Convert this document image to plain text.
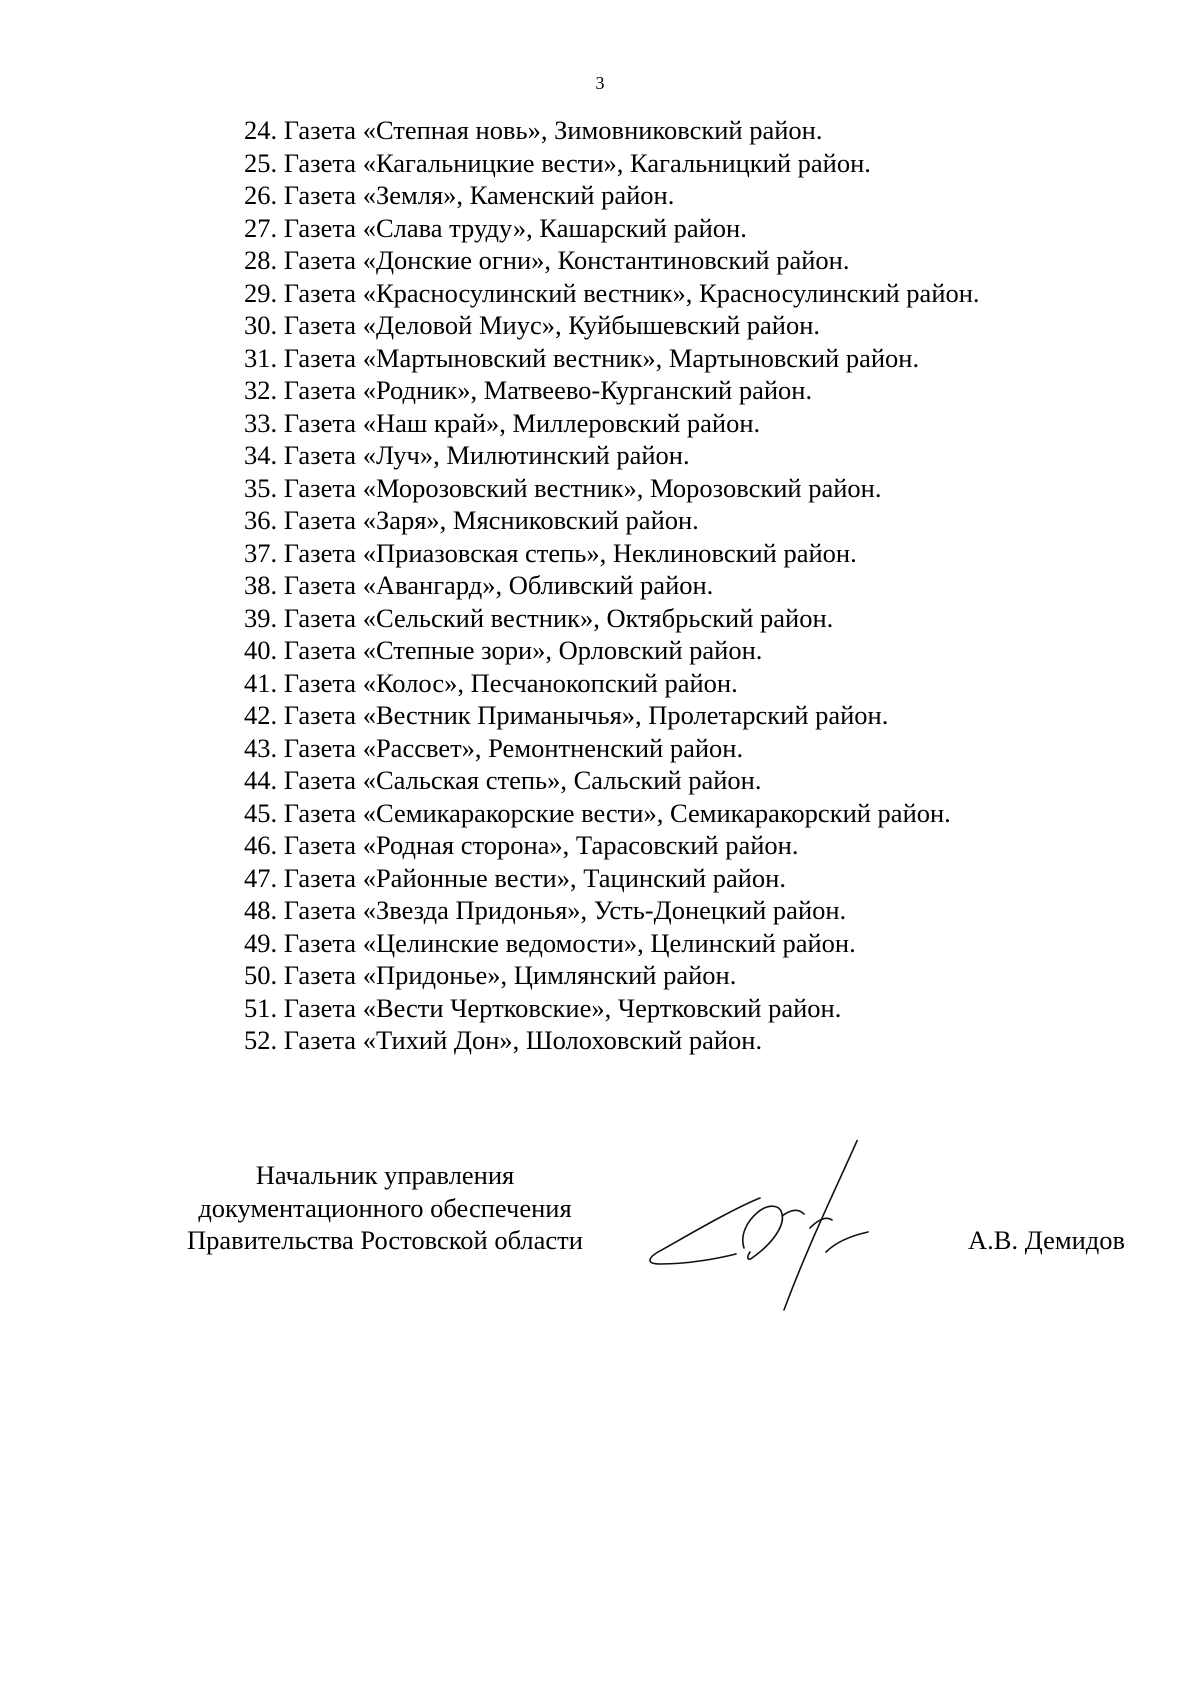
3
24. Газета «Степная новь», Зимовниковский район.
25. Газета «Кагальницкие вести», Кагальницкий район.
26. Газета «Земля», Каменский район.
27. Газета «Слава труду», Кашарский район.
28. Газета «Донские огни», Константиновский район.
29. Газета «Красносулинский вестник», Красносулинский район.
30. Газета «Деловой Миус», Куйбышевский район.
31. Газета «Мартыновский вестник», Мартыновский район.
32. Газета «Родник», Матвеево-Курганский район.
33. Газета «Наш край», Миллеровский район.
34. Газета «Луч», Милютинский район.
35. Газета «Морозовский вестник», Морозовский район.
36. Газета «Заря», Мясниковский район.
37. Газета «Приазовская степь», Неклиновский район.
38. Газета «Авангард», Обливский район.
39. Газета «Сельский вестник», Октябрьский район.
40. Газета «Степные зори», Орловский район.
41. Газета «Колос», Песчанокопский район.
42. Газета «Вестник Приманычья», Пролетарский район.
43. Газета «Рассвет», Ремонтненский район.
44. Газета «Сальская степь», Сальский район.
45. Газета «Семикаракорские вести», Семикаракорский район.
46. Газета «Родная сторона», Тарасовский район.
47. Газета «Районные вести», Тацинский район.
48. Газета «Звезда Придонья», Усть-Донецкий район.
49. Газета «Целинские ведомости», Целинский район.
50. Газета «Придонье», Цимлянский район.
51. Газета «Вести Чертковские», Чертковский район.
52. Газета «Тихий Дон», Шолоховский район.
Начальник управления
документационного обеспечения
Правительства Ростовской области	А.В. Демидов
